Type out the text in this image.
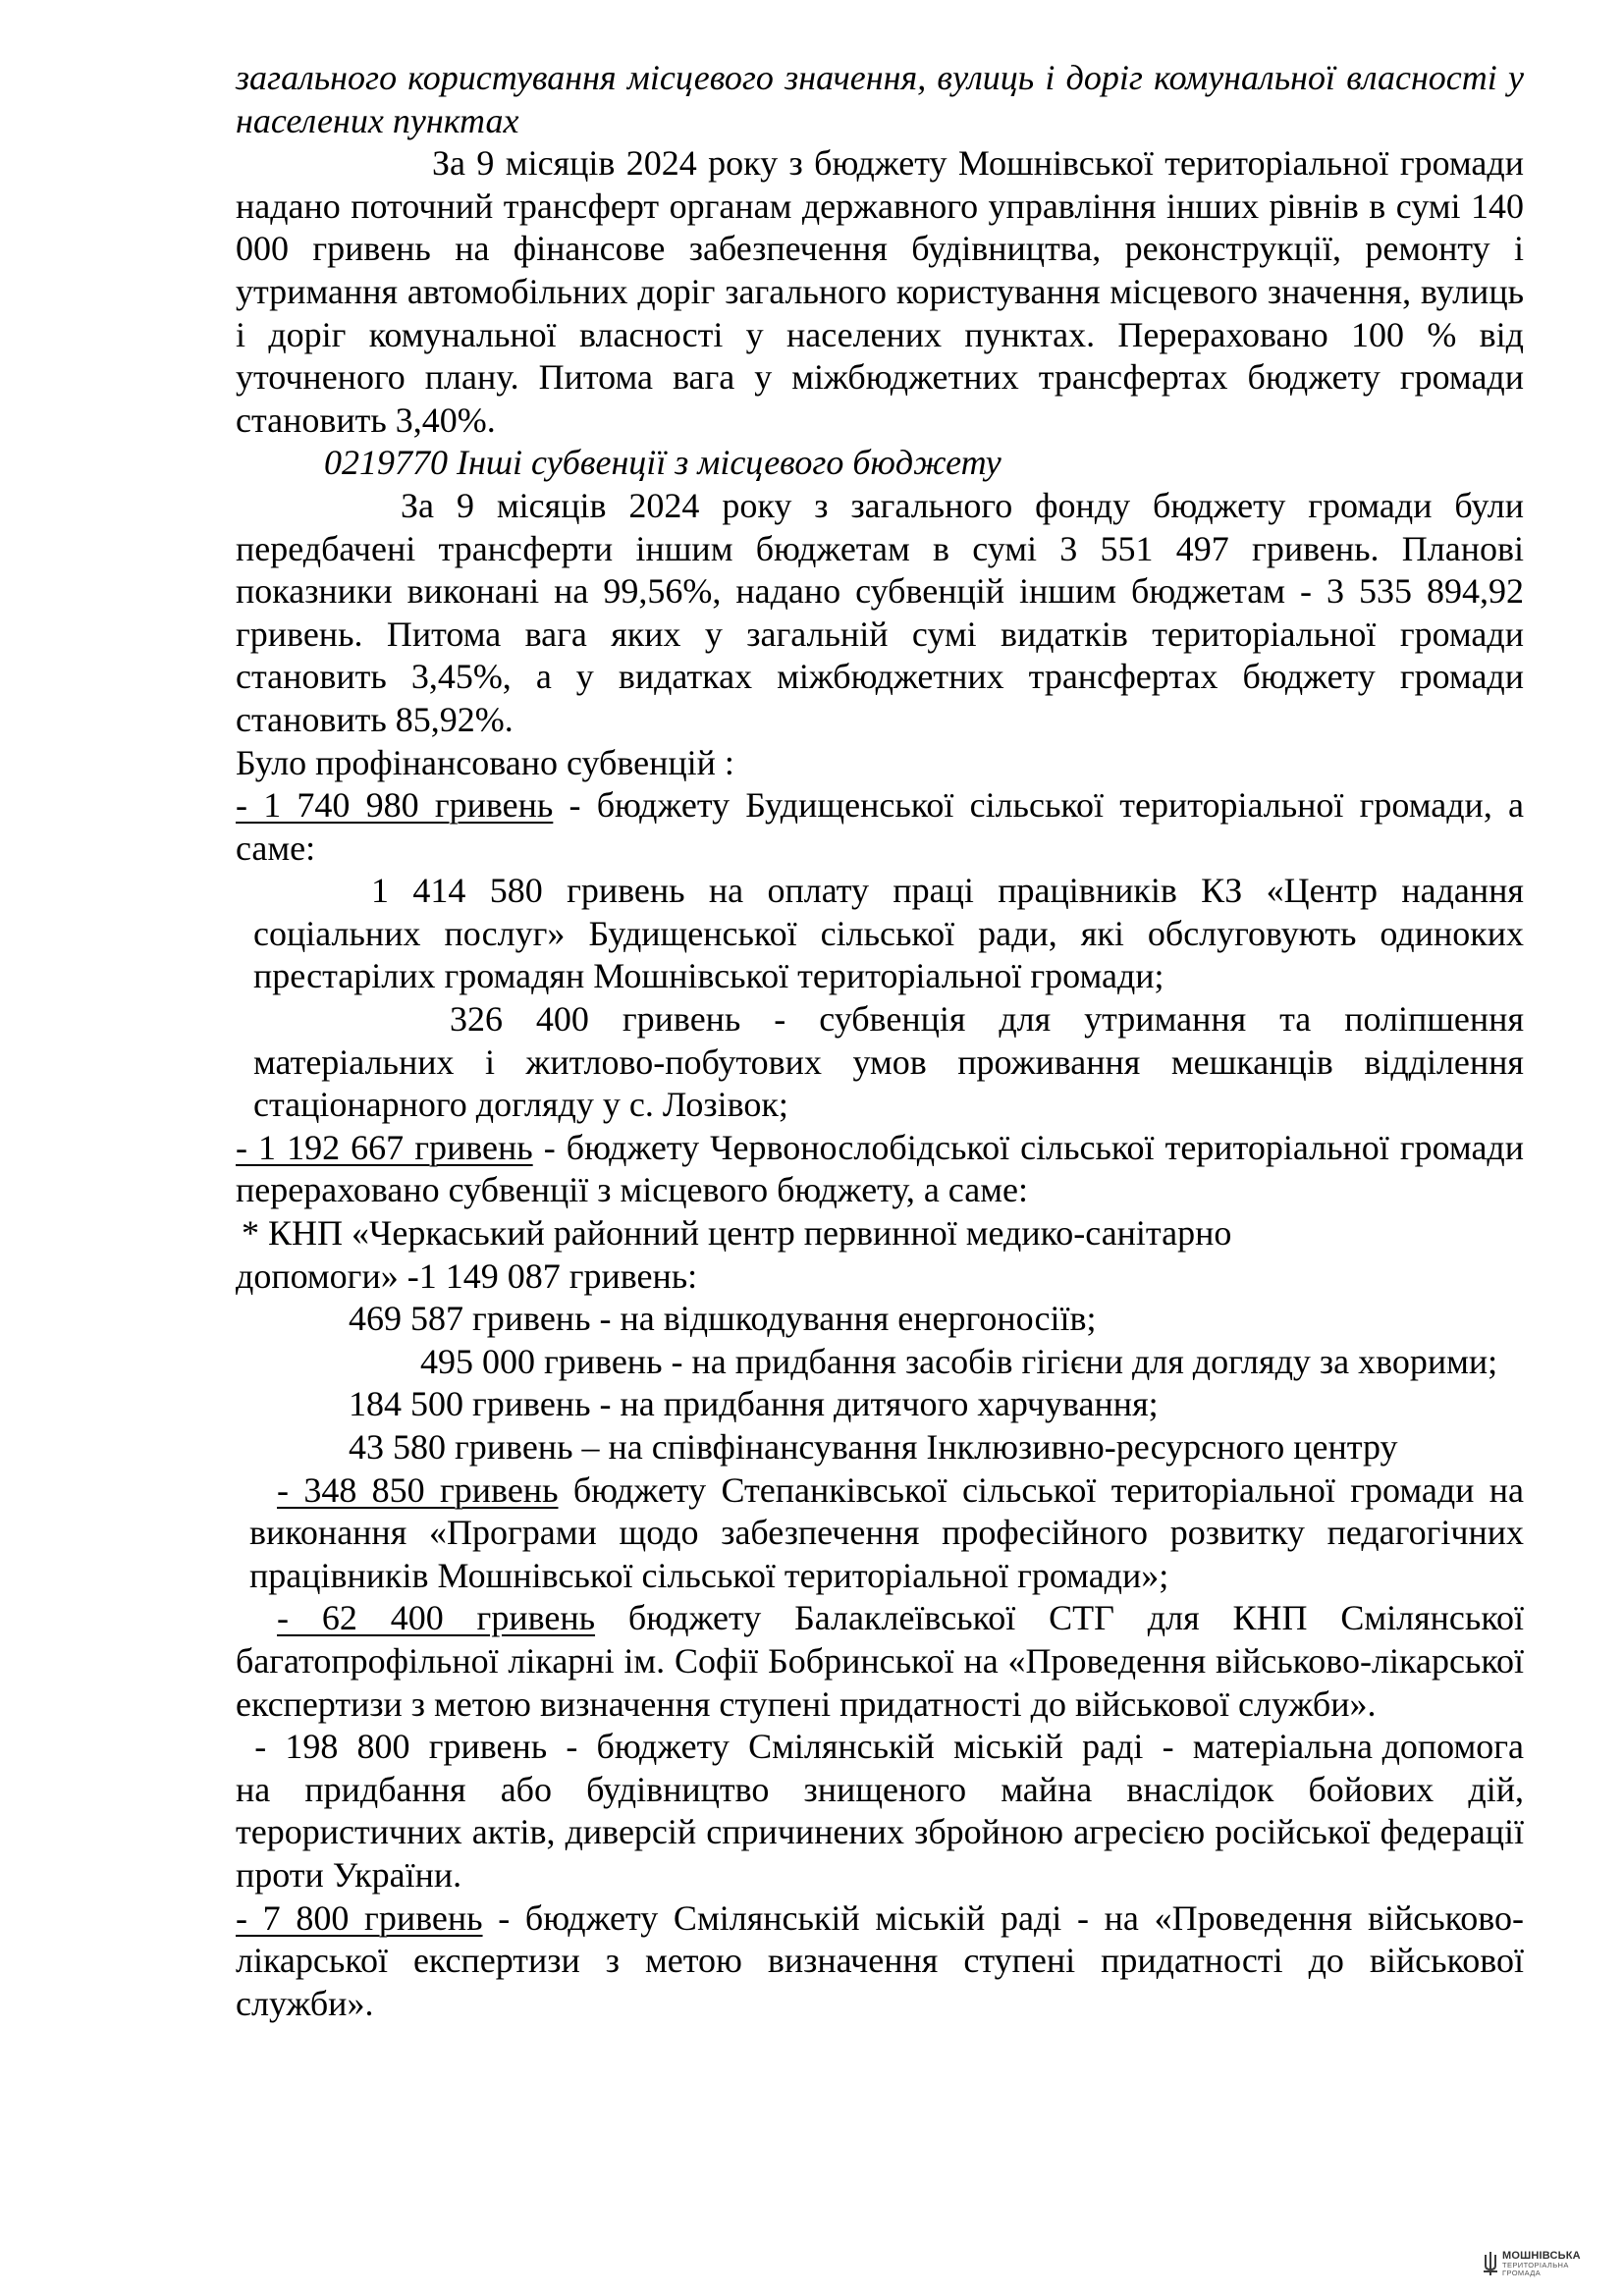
загального користування місцевого значення, вулиць і доріг комунальної власності у населених пунктах

За 9 місяців 2024 року з бюджету Мошнівської територіальної громади надано поточний трансферт органам державного управління інших рівнів в сумі 140 000 гривень на фінансове забезпечення будівництва, реконструкції, ремонту і утримання автомобільних доріг загального користування місцевого значення, вулиць і доріг комунальної власності у населених пунктах. Перераховано 100 % від уточненого плану. Питома вага у міжбюджетних трансфертах бюджету громади становить 3,40%.

0219770 Інші субвенції з місцевого бюджету

За 9 місяців 2024 року з загального фонду бюджету громади були передбачені трансферти іншим бюджетам в сумі 3 551 497 гривень. Планові показники виконані на 99,56%, надано субвенцій іншим бюджетам - 3 535 894,92 гривень. Питома вага яких у загальній сумі видатків територіальної громади становить 3,45%, а у видатках міжбюджетних трансфертах бюджету громади становить 85,92%.

Було профінансовано субвенцій :

- 1 740 980 гривень - бюджету Будищенської сільської територіальної громади, а саме:

1 414 580 гривень на оплату праці працівників КЗ «Центр надання соціальних послуг» Будищенської сільської ради, які обслуговують одиноких престарілих громадян Мошнівської територіальної громади;

326 400 гривень - субвенція для утримання та поліпшення матеріальних і житлово-побутових умов проживання мешканців відділення стаціонарного догляду у с. Лозівок;

- 1 192 667 гривень - бюджету Червонослобідської сільської територіальної громади перераховано субвенції з місцевого бюджету, а саме:

* КНП «Черкаський районний центр первинної медико-санітарно

допомоги» -1 149 087 гривень:

469 587 гривень - на відшкодування енергоносіїв;

495 000 гривень - на придбання засобів гігієни для догляду за хворими;

184 500 гривень - на придбання дитячого харчування;

43 580 гривень – на співфінансування Інклюзивно-ресурсного центру

- 348 850 гривень бюджету Степанківської сільської територіальної громади на виконання «Програми щодо забезпечення професійного розвитку педагогічних працівників Мошнівської сільської територіальної громади»;

- 62 400 гривень бюджету Балаклеївської СТГ для КНП Смілянської багатопрофільної лікарні ім. Софії Бобринської на «Проведення військово-лікарської експертизи з метою визначення ступені придатності до військової служби».

-  198  800  гривень  -  бюджету  Смілянській  міській  раді  -  матеріальна допомога на придбання або будівництво знищеного майна внаслідок бойових дій, терористичних актів, диверсій спричинених збройною агресією російської федерації проти України.

- 7 800 гривень - бюджету Смілянській міській раді - на «Проведення військово-лікарської експертизи з метою визначення ступені придатності до військової служби».

МОШНІВСЬКА
ТЕРИТОРІАЛЬНА
ГРОМАДА
